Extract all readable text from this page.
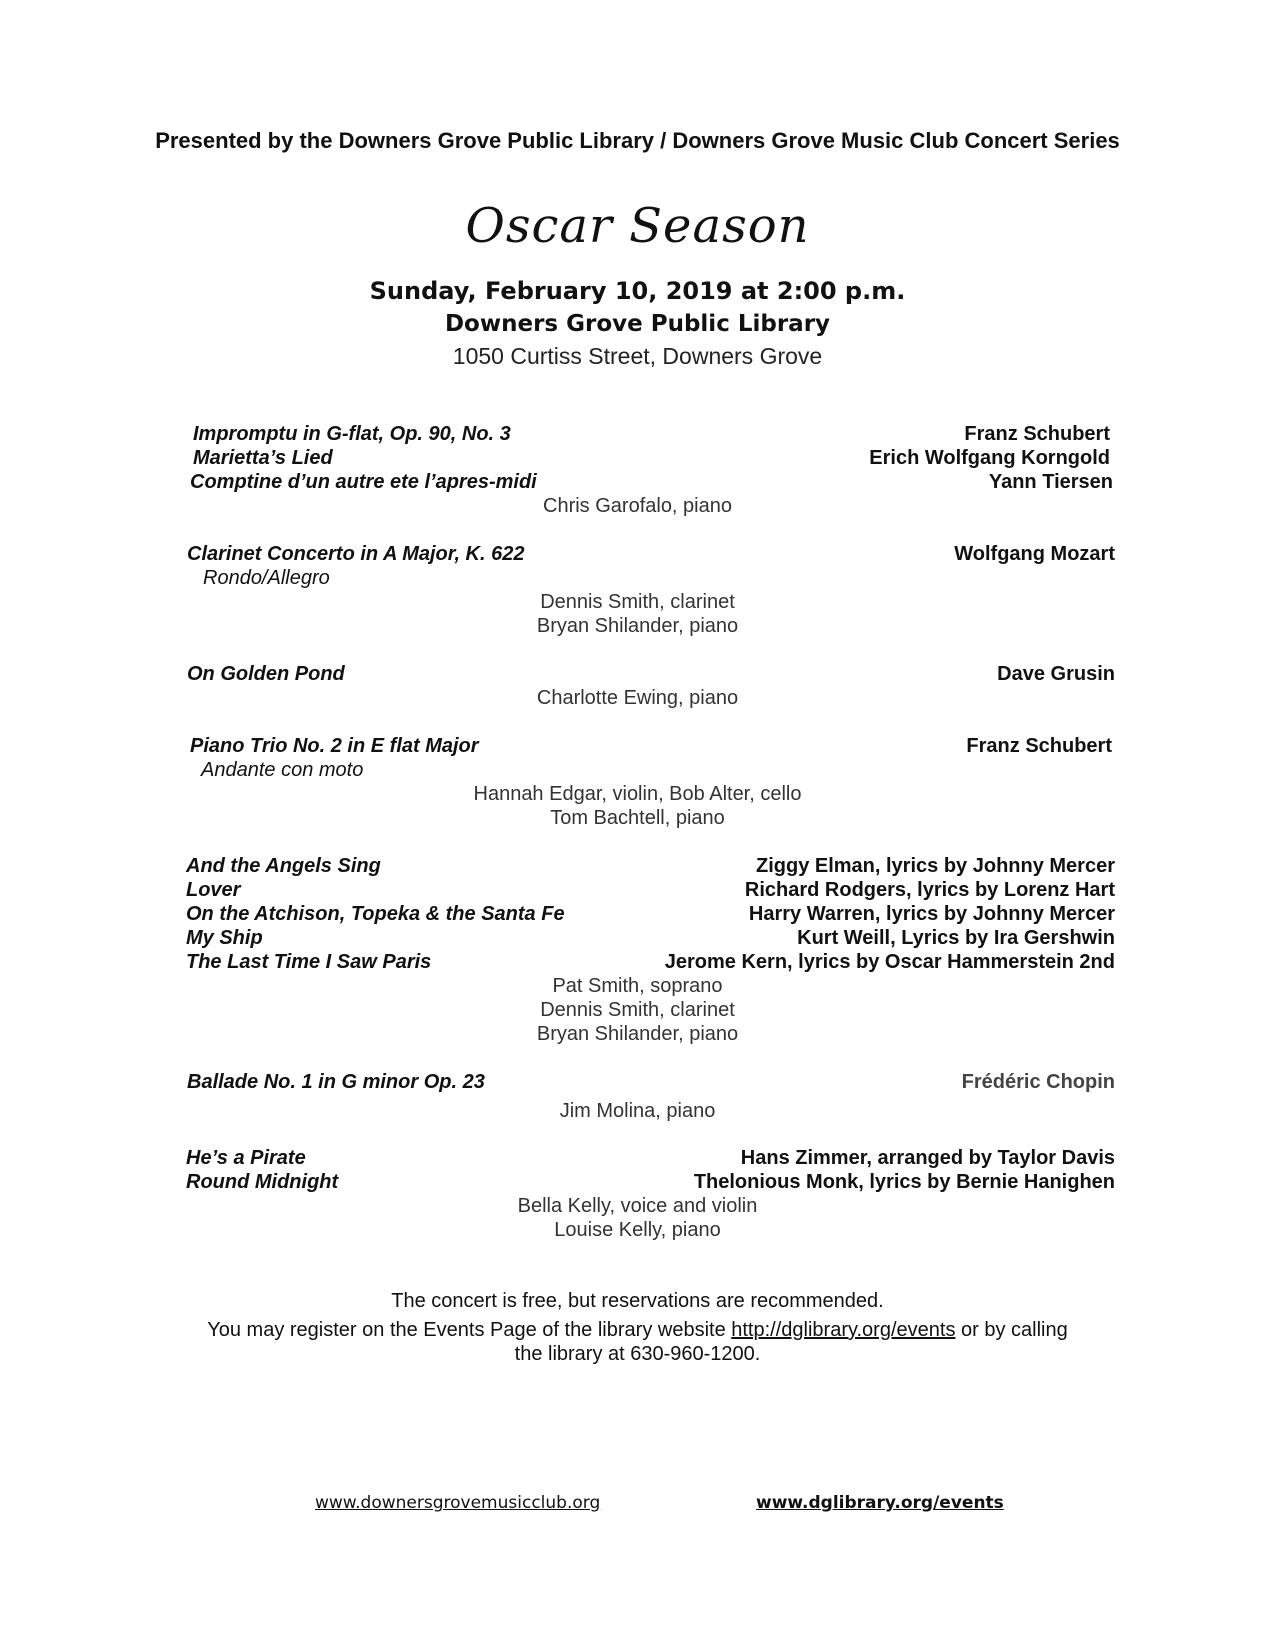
Presented by the Downers Grove Public Library / Downers Grove Music Club Concert Series
Oscar Season
Sunday, February 10, 2019 at 2:00 p.m.
Downers Grove Public Library
1050 Curtiss Street, Downers Grove
Impromptu in G-flat, Op. 90, No. 3	Franz Schubert
Marietta’s Lied	Erich Wolfgang Korngold
Comptine d’un autre ete l’apres-midi	Yann Tiersen
Chris Garofalo, piano
Clarinet Concerto in A Major, K. 622	Wolfgang Mozart
Rondo/Allegro
Dennis Smith, clarinet
Bryan Shilander, piano
On Golden Pond	Dave Grusin
Charlotte Ewing, piano
Piano Trio No. 2 in E flat Major	Franz Schubert
Andante con moto
Hannah Edgar, violin, Bob Alter, cello
Tom Bachtell, piano
And the Angels Sing	Ziggy Elman, lyrics by Johnny Mercer
Lover	Richard Rodgers, lyrics by Lorenz Hart
On the Atchison, Topeka & the Santa Fe	Harry Warren, lyrics by Johnny Mercer
My Ship	Kurt Weill, Lyrics by Ira Gershwin
The Last Time I Saw Paris	Jerome Kern, lyrics by Oscar Hammerstein 2nd
Pat Smith, soprano
Dennis Smith, clarinet
Bryan Shilander, piano
Ballade No. 1 in G minor Op. 23	Frédéric Chopin
Jim Molina, piano
He’s a Pirate	Hans Zimmer, arranged by Taylor Davis
Round Midnight	Thelonious Monk, lyrics by Bernie Hanighen
Bella Kelly, voice and violin
Louise Kelly, piano
The concert is free, but reservations are recommended.
You may register on the Events Page of the library website http://dglibrary.org/events or by calling
the library at 630-960-1200.
www.downersgrovemusicclub.org	www.dglibrary.org/events
